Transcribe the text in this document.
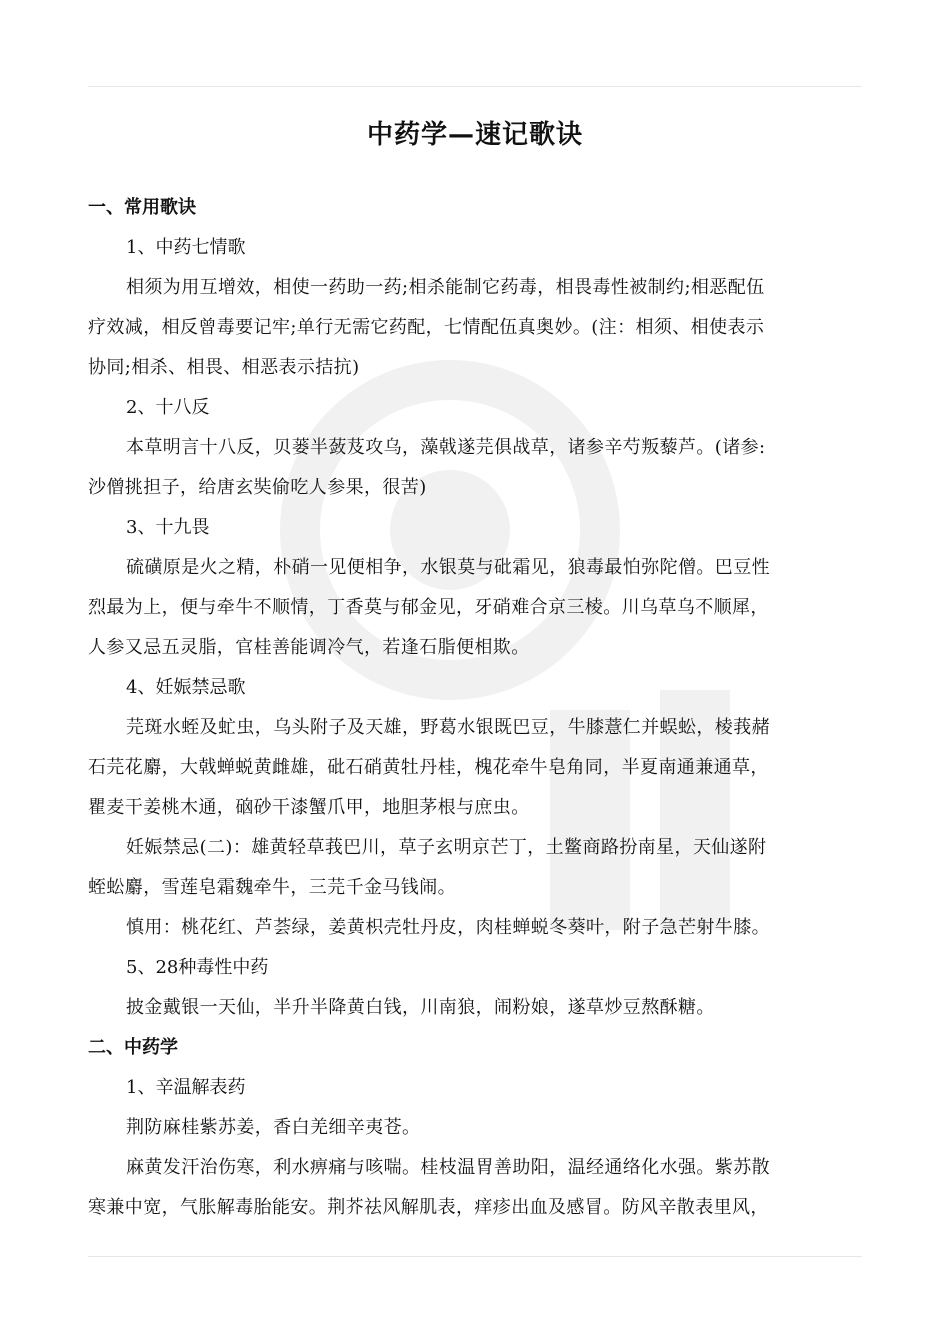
中药学—速记歌诀
一、常用歌诀
1、中药七情歌
相须为用互增效，相使一药助一药;相杀能制它药毒，相畏毒性被制约;相恶配伍
疗效减，相反曾毒要记牢;单行无需它药配，七情配伍真奥妙。(注：相须、相使表示
协同;相杀、相畏、相恶表示拮抗)
2、十八反
本草明言十八反，贝蒌半蔹芨攻乌，藻戟遂芫俱战草，诸参辛芍叛藜芦。(诸参:
沙僧挑担子，给唐玄奘偷吃人参果，很苦)
3、十九畏
硫磺原是火之精，朴硝一见便相争，水银莫与砒霜见，狼毒最怕弥陀僧。巴豆性
烈最为上，便与牵牛不顺情，丁香莫与郁金见，牙硝难合京三棱。川乌草乌不顺犀，
人参又忌五灵脂，官桂善能调冷气，若逢石脂便相欺。
4、妊娠禁忌歌
芫斑水蛭及虻虫，乌头附子及天雄，野葛水银既巴豆，牛膝薏仁并蜈蚣，棱莪赭
石芫花麝，大戟蝉蜕黄雌雄，砒石硝黄牡丹桂，槐花牵牛皂角同，半夏南通兼通草，
瞿麦干姜桃木通，硇砂干漆蟹爪甲，地胆茅根与庶虫。
妊娠禁忌(二)：雄黄轻草莪巴川，草子玄明京芒丁，土鳖商路扮南星，天仙遂附
蛭蚣麝，雪莲皂霜魏牵牛，三芫千金马钱闹。
慎用：桃花红、芦荟绿，姜黄枳壳牡丹皮，肉桂蝉蜕冬葵叶，附子急芒射牛膝。
5、28种毒性中药
披金戴银一天仙，半升半降黄白钱，川南狼，闹粉娘，遂草炒豆熬酥糖。
二、中药学
1、辛温解表药
荆防麻桂紫苏姜，香白羌细辛夷苍。
麻黄发汗治伤寒，利水痹痛与咳喘。桂枝温胃善助阳，温经通络化水强。紫苏散
寒兼中宽，气胀解毒胎能安。荆芥祛风解肌表，痒疹出血及感冒。防风辛散表里风，
